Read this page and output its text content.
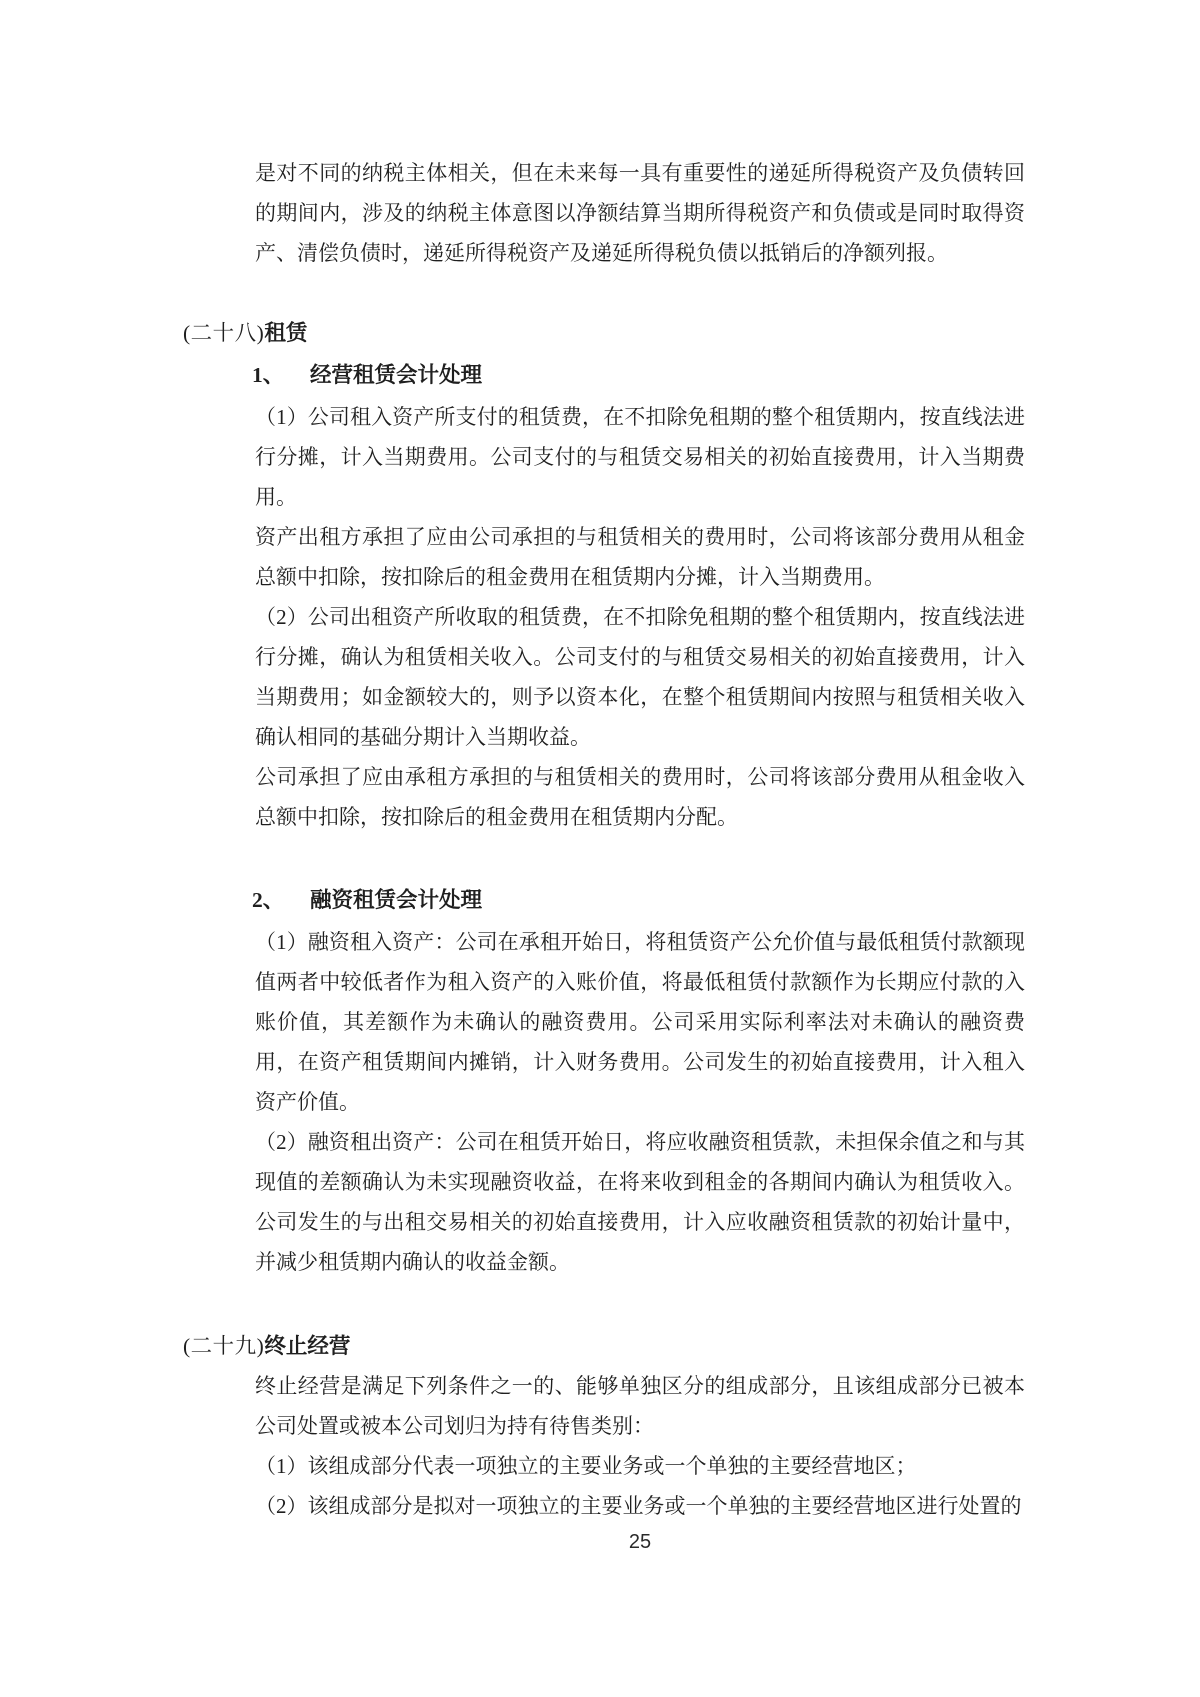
是对不同的纳税主体相关，但在未来每一具有重要性的递延所得税资产及负债转回的期间内，涉及的纳税主体意图以净额结算当期所得税资产和负债或是同时取得资产、清偿负债时，递延所得税资产及递延所得税负债以抵销后的净额列报。

(二十八)租赁
1、 经营租赁会计处理

（1）公司租入资产所支付的租赁费，在不扣除免租期的整个租赁期内，按直线法进行分摊，计入当期费用。公司支付的与租赁交易相关的初始直接费用，计入当期费用。

资产出租方承担了应由公司承担的与租赁相关的费用时，公司将该部分费用从租金总额中扣除，按扣除后的租金费用在租赁期内分摊，计入当期费用。

（2）公司出租资产所收取的租赁费，在不扣除免租期的整个租赁期内，按直线法进行分摊，确认为租赁相关收入。公司支付的与租赁交易相关的初始直接费用，计入当期费用；如金额较大的，则予以资本化，在整个租赁期间内按照与租赁相关收入确认相同的基础分期计入当期收益。

公司承担了应由承租方承担的与租赁相关的费用时，公司将该部分费用从租金收入总额中扣除，按扣除后的租金费用在租赁期内分配。

2、 融资租赁会计处理

（1）融资租入资产：公司在承租开始日，将租赁资产公允价值与最低租赁付款额现值两者中较低者作为租入资产的入账价值，将最低租赁付款额作为长期应付款的入账价值，其差额作为未确认的融资费用。公司采用实际利率法对未确认的融资费用，在资产租赁期间内摊销，计入财务费用。公司发生的初始直接费用，计入租入资产价值。

（2）融资租出资产：公司在租赁开始日，将应收融资租赁款，未担保余值之和与其现值的差额确认为未实现融资收益，在将来收到租金的各期间内确认为租赁收入。公司发生的与出租交易相关的初始直接费用，计入应收融资租赁款的初始计量中，并减少租赁期内确认的收益金额。

(二十九)终止经营

终止经营是满足下列条件之一的、能够单独区分的组成部分，且该组成部分已被本公司处置或被本公司划归为持有待售类别：

（1）该组成部分代表一项独立的主要业务或一个单独的主要经营地区；

（2）该组成部分是拟对一项独立的主要业务或一个单独的主要经营地区进行处置的

25
